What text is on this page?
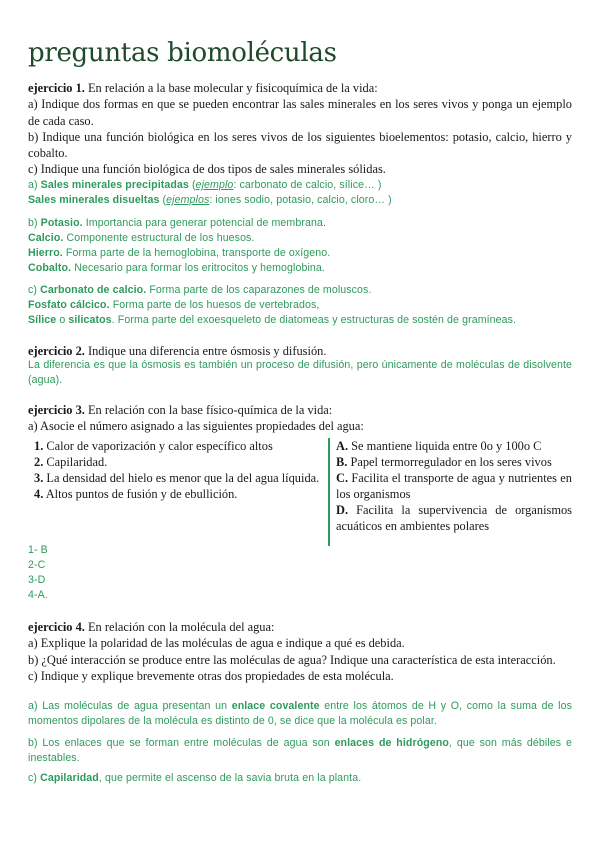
preguntas biomoléculas
ejercicio 1. En relación a la base molecular y fisicoquímica de la vida:
a) Indique dos formas en que se pueden encontrar las sales minerales en los seres vivos y ponga un ejemplo de cada caso.
b) Indique una función biológica en los seres vivos de los siguientes bioelementos: potasio, calcio, hierro y cobalto.
c) Indique una función biológica de dos tipos de sales minerales sólidas.
a) Sales minerales precipitadas (ejemplo: carbonato de calcio, sílice… )
Sales minerales disueltas (ejemplos: iones sodio, potasio, calcio, cloro… )
b) Potasio. Importancia para generar potencial de membrana.
Calcio. Componente estructural de los huesos.
Hierro. Forma parte de la hemoglobina, transporte de oxígeno.
Cobalto. Necesario para formar los eritrocitos y hemoglobina.
c) Carbonato de calcio. Forma parte de los caparazones de moluscos.
Fosfato cálcico. Forma parte de los huesos de vertebrados,
Sílice o silicatos. Forma parte del exoesqueleto de diatomeas y estructuras de sostén de gramíneas.
ejercicio 2. Indique una diferencia entre ósmosis y difusión.
La diferencia es que la ósmosis es también un proceso de difusión, pero únicamente de moléculas de disolvente (agua).
ejercicio 3. En relación con la base físico-química de la vida:
a) Asocie el número asignado a las siguientes propiedades del agua:
1. Calor de vaporización y calor específico altos
2. Capilaridad.
3. La densidad del hielo es menor que la del agua líquida.
4. Altos puntos de fusión y de ebullición.
A. Se mantiene liquida entre 0o y 100o C
B. Papel termorregulador en los seres vivos
C. Facilita el transporte de agua y nutrientes en los organismos
D. Facilita la supervivencia de organismos acuáticos en ambientes polares
1- B
2-C
3-D
4-A.
ejercicio 4. En relación con la molécula del agua:
a) Explique la polaridad de las moléculas de agua e indique a qué es debida.
b) ¿Qué interacción se produce entre las moléculas de agua? Indique una característica de esta interacción.
c) Indique y explique brevemente otras dos propiedades de esta molécula.
a) Las moléculas de agua presentan un enlace covalente entre los átomos de H y O, como la suma de los momentos dipolares de la molécula es distinto de 0, se dice que la molécula es polar.
b) Los enlaces que se forman entre moléculas de agua son enlaces de hidrógeno, que son más débiles e inestables.
c) Capilaridad, que permite el ascenso de la savia bruta en la planta.
